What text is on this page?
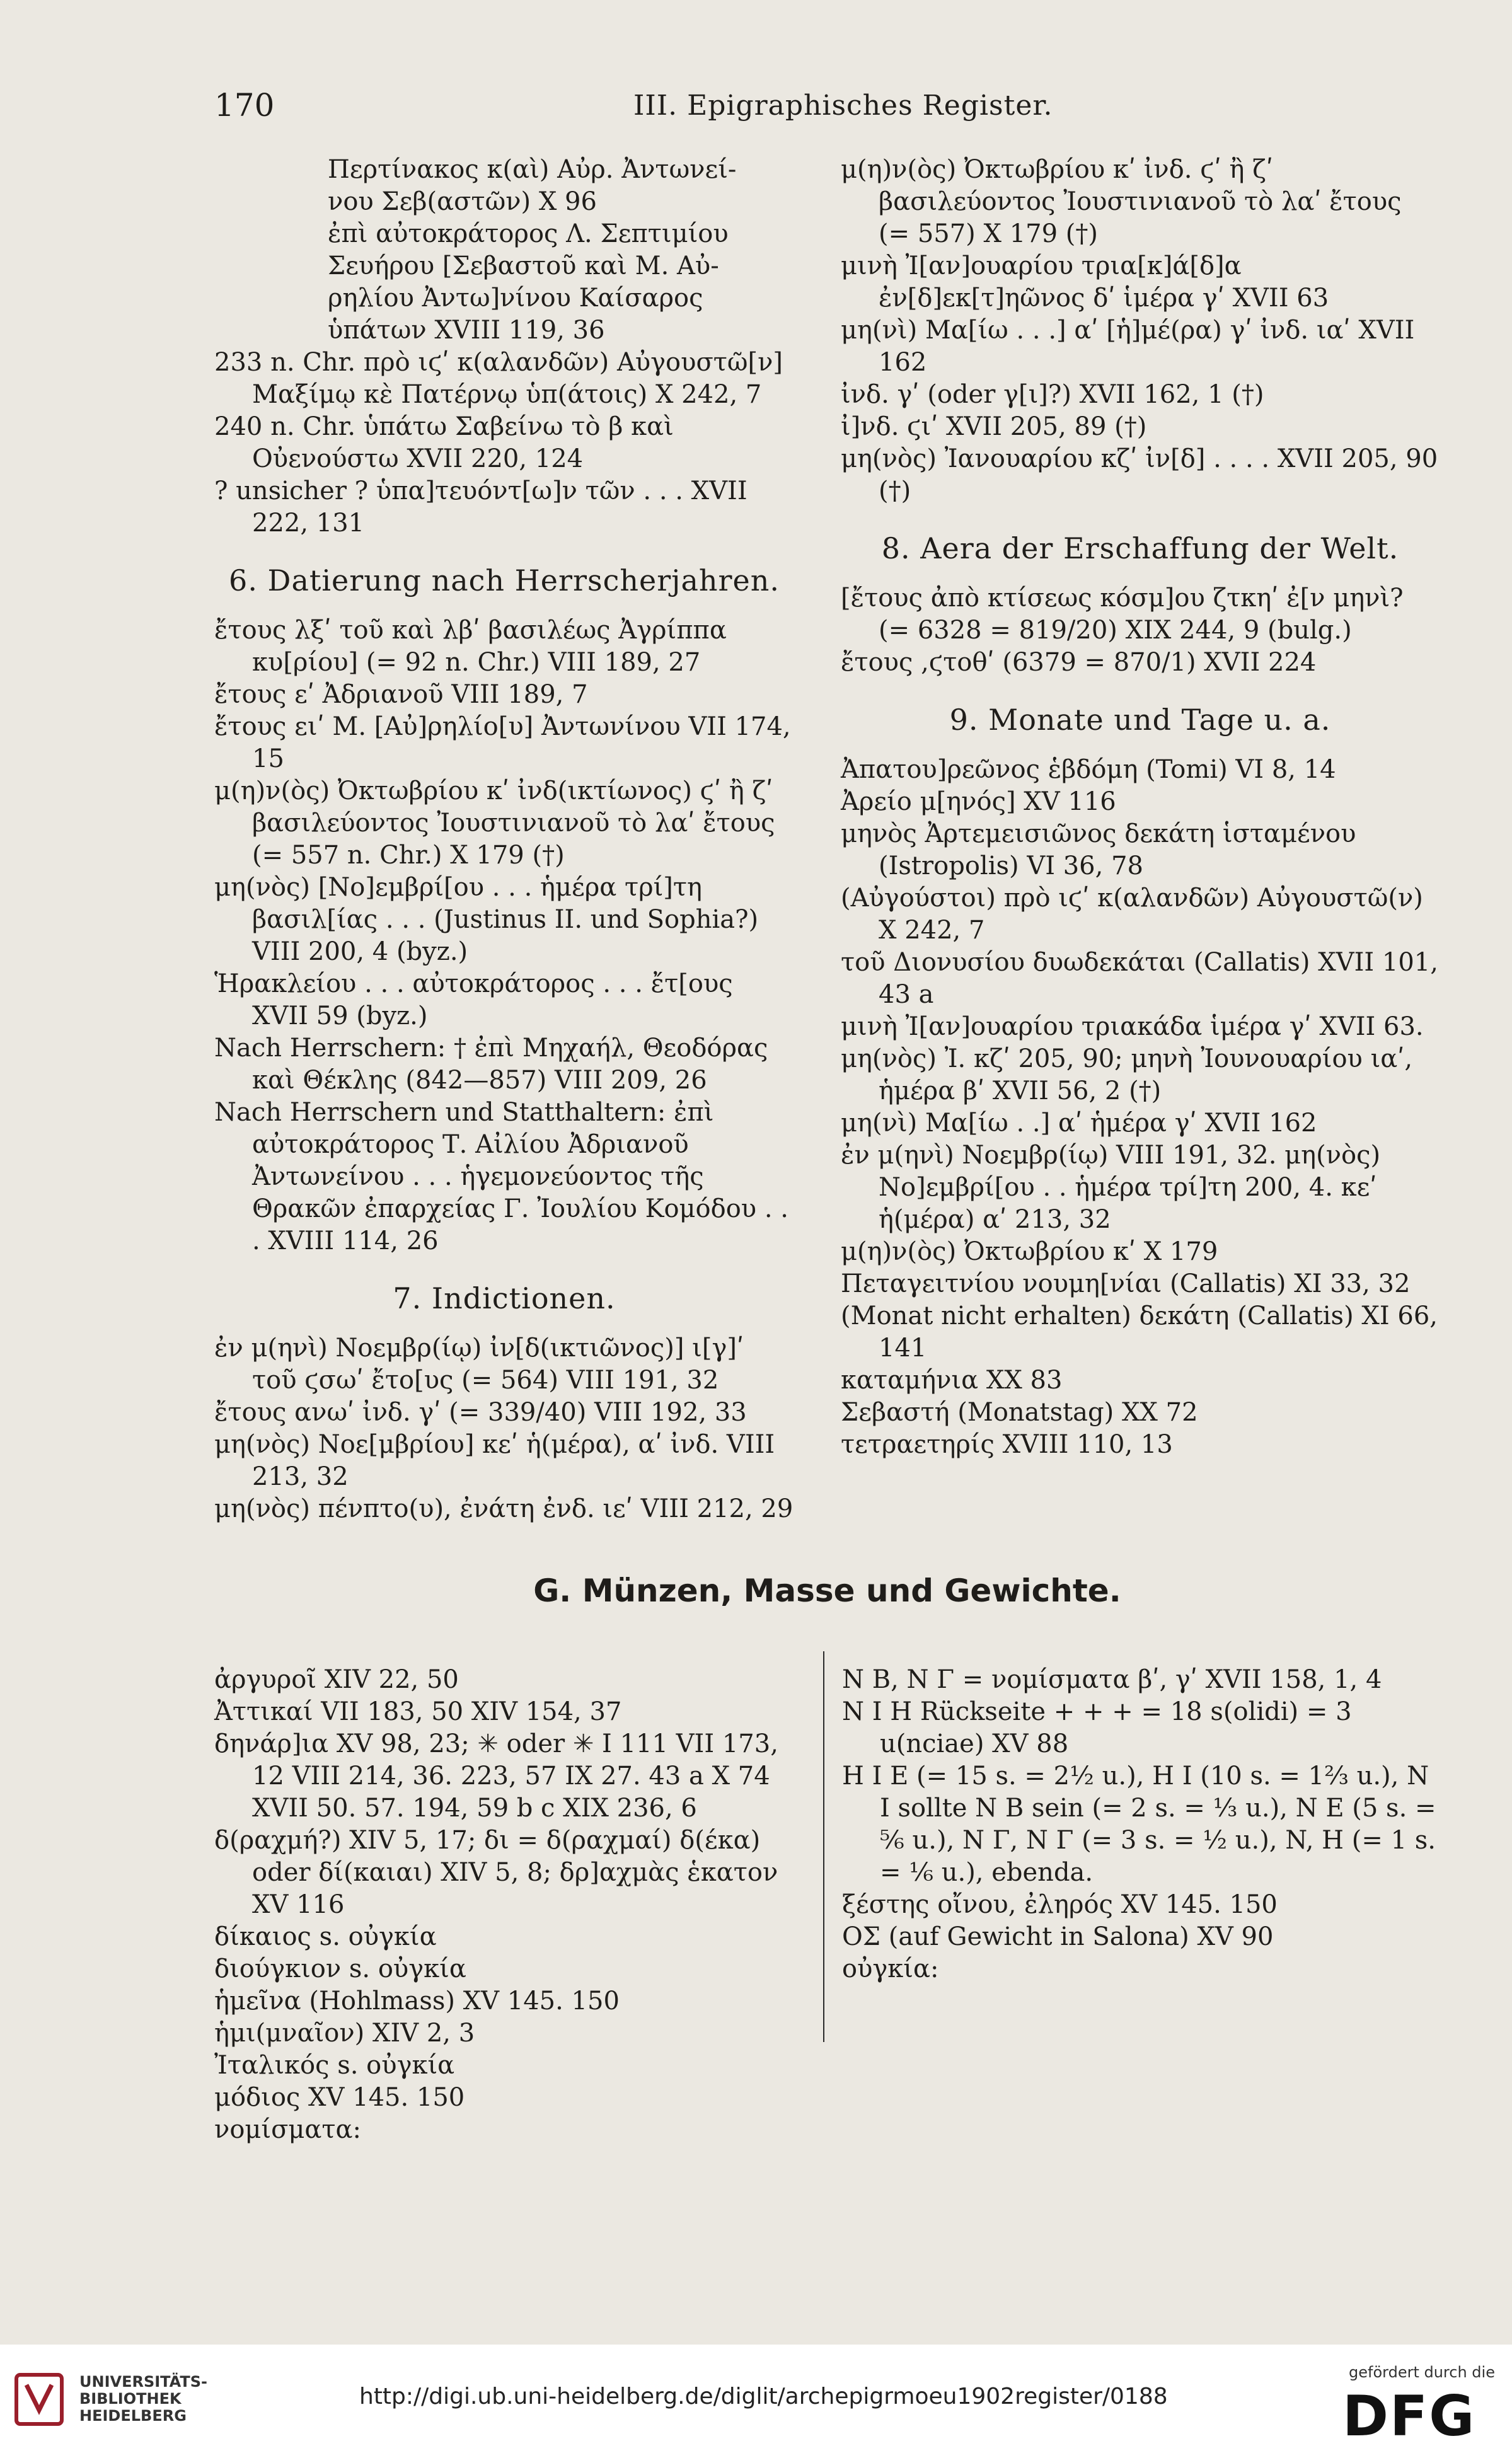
170	III. Epigraphisches Register.

Περτίνακος κ(αὶ) Αὐρ. Ἀντωνεί-

νου Σεβ(αστῶν) X 96

ἐπὶ αὐτοκράτορος Λ. Σεπτιμίου

Σευήρου [Σεβαστοῦ καὶ Μ. Αὐ-

ρηλίου Ἀντω]νίνου Καίσαρος

ὑπάτων XVIII 119, 36

233 n. Chr. πρὸ ιϛʹ κ(αλανδῶν) Αὐγουστῶ[ν] Μαξίμῳ κὲ Πατέρνῳ ὑπ(άτοις) X 242, 7

240 n. Chr. ὑπάτω Σαβείνω τὸ β καὶ Οὐενούστω XVII 220, 124

? unsicher ? ὑπα]τευόντ[ω]ν τῶν . . . XVII 222, 131

6. Datierung nach Herrscherjahren.

ἔτους λξʹ τοῦ καὶ λβʹ βασιλέως Ἀγρίππα κυ[ρίου] (= 92 n. Chr.) VIII 189, 27

ἔτους εʹ Ἀδριανοῦ VIII 189, 7

ἔτους ειʹ Μ. [Αὐ]ρηλίο[υ] Ἀντωνίνου VII 174, 15

μ(η)ν(ὸς) Ὀκτωβρίου κʹ ἰνδ(ικτίωνος) ϛʹ ἢ ζʹ βασιλεύοντος Ἰουστινιανοῦ τὸ λαʹ ἔτους (= 557 n. Chr.) X 179 (†)

μη(νὸς) [Νο]εμβρί[ου . . . ἡμέρα τρί]τη βασιλ[ίας . . . (Justinus II. und Sophia?) VIII 200, 4 (byz.)

Ἡρακλείου . . . αὐτοκράτορος . . . ἔτ[ους XVII 59 (byz.)

Nach Herrschern: † ἐπὶ Μηχαήλ, Θεοδόρας καὶ Θέκλης (842—857) VIII 209, 26

Nach Herrschern und Statthaltern: ἐπὶ αὐτοκράτορος Τ. Αἰλίου Ἀδριανοῦ Ἀντωνείνου . . . ἡγεμονεύοντος τῆς Θρακῶν ἐπαρχείας Γ. Ἰουλίου Κομόδου . . . XVIII 114, 26

7. Indictionen.

ἐν μ(ηνὶ) Νοεμβρ(ίῳ) ἰν[δ(ικτιῶνος)] ι[γ]ʹ τοῦ ϛσωʹ ἔτο[υς (= 564) VIII 191, 32

ἔτους ανωʹ ἰνδ. γʹ (= 339/40) VIII 192, 33

μη(νὸς) Νοε[μβρίου] κεʹ ἡ(μέρα), αʹ ἰνδ. VIII 213, 32

μη(νὸς) πένπτο(υ), ἐνάτη ἐνδ. ιεʹ VIII 212, 29

μ(η)ν(ὸς) Ὀκτωβρίου κʹ ἰνδ. ϛʹ ἢ ζʹ βασιλεύοντος Ἰουστινιανοῦ τὸ λαʹ ἔτους (= 557) X 179 (†)

μινὴ Ἰ[αν]ουαρίου τρια[κ]ά[δ]α ἐν[δ]εκ[τ]ηῶνος δʹ ἱμέρα γʹ XVII 63

μη(νὶ) Μα[ίω . . .] αʹ [ἡ]μέ(ρα) γʹ ἰνδ. ιαʹ XVII 162

ἰνδ. γʹ (oder γ[ι]?) XVII 162, 1 (†)

ἰ]νδ. ϛιʹ XVII 205, 89 (†)

μη(νὸς) Ἰανουαρίου κζʹ ἰν[δ] . . . . XVII 205, 90 (†)

8. Aera der Erschaffung der Welt.

[ἔτους ἀπὸ κτίσεως κόσμ]ου ζτκηʹ ἐ[ν μηνὶ? (= 6328 = 819/20) XIX 244, 9 (bulg.)

ἔτους ,ϛτοθʹ (6379 = 870/1) XVII 224

9. Monate und Tage u. a.

Ἀπατου]ρεῶνος ἑβδόμη (Tomi) VI 8, 14

Ἀρείο μ[ηνός] XV 116

μηνὸς Ἀρτεμεισιῶνος δεκάτη ἱσταμένου (Istropolis) VI 36, 78

(Αὐγούστοι) πρὸ ιϛʹ κ(αλανδῶν) Αὐγουστῶ(ν) X 242, 7

τοῦ Διονυσίου δυωδεκάται (Callatis) XVII 101, 43 a

μινὴ Ἰ[αν]ουαρίου τριακάδα ἱμέρα γʹ XVII 63.

μη(νὸς) Ἰ. κζʹ 205, 90; μηνὴ Ἰουνουαρίου ιαʹ, ἡμέρα βʹ XVII 56, 2 (†)

μη(νὶ) Μα[ίω . .] αʹ ἡμέρα γʹ XVII 162

ἐν μ(ηνὶ) Νοεμβρ(ίῳ) VIII 191, 32. μη(νὸς) Νο]εμβρί[ου . . ἡμέρα τρί]τη 200, 4. κεʹ ἡ(μέρα) αʹ 213, 32

μ(η)ν(ὸς) Ὀκτωβρίου κʹ X 179

Πεταγειτνίου νουμη[νίαι (Callatis) XI 33, 32

(Monat nicht erhalten) δεκάτη (Callatis) XI 66, 141

καταμήνια XX 83

Σεβαστή (Monatstag) XX 72

τετραετηρίς XVIII 110, 13

G. Münzen, Masse und Gewichte.

ἀργυροῖ XIV 22, 50

Ἀττικαί VII 183, 50 XIV 154, 37

δηνάρ]ια XV 98, 23; ✳ oder ✳ I 111 VII 173, 12 VIII 214, 36. 223, 57 IX 27. 43 a X 74 XVII 50. 57. 194, 59 b c XIX 236, 6

δ(ραχμή?) XIV 5, 17; δι = δ(ραχμαί) δ(έκα) oder δί(καιαι) XIV 5, 8; δρ]αχμὰς ἑκατον XV 116

δίκαιος s. οὐγκία

διούγκιον s. οὐγκία

ἡμεῖνα (Hohlmass) XV 145. 150

ἡμι(μναῖον) XIV 2, 3

Ἰταλικός s. οὐγκία

μόδιος XV 145. 150

νομίσματα:

N B, N Γ = νομίσματα βʹ, γʹ XVII 158, 1, 4

N I H Rückseite + + + = 18 s(olidi) = 3 u(nciae) XV 88

H I E (= 15 s. = 2½ u.), H I (10 s. = 1⅔ u.), N I sollte N B sein (= 2 s. = ⅓ u.), N E (5 s. = ⅚ u.), N Γ, N Γ (= 3 s. = ½ u.), N, H (= 1 s. = ⅙ u.), ebenda.

ξέστης οἴνου, ἐληρός XV 145. 150

ΟΣ (auf Gewicht in Salona) XV 90

οὐγκία:

UNIVERSITÄTS-
BIBLIOTHEK
HEIDELBERG
http://digi.ub.uni-heidelberg.de/diglit/archepigrmoeu1902register/0188
gefördert durch die
DFG
